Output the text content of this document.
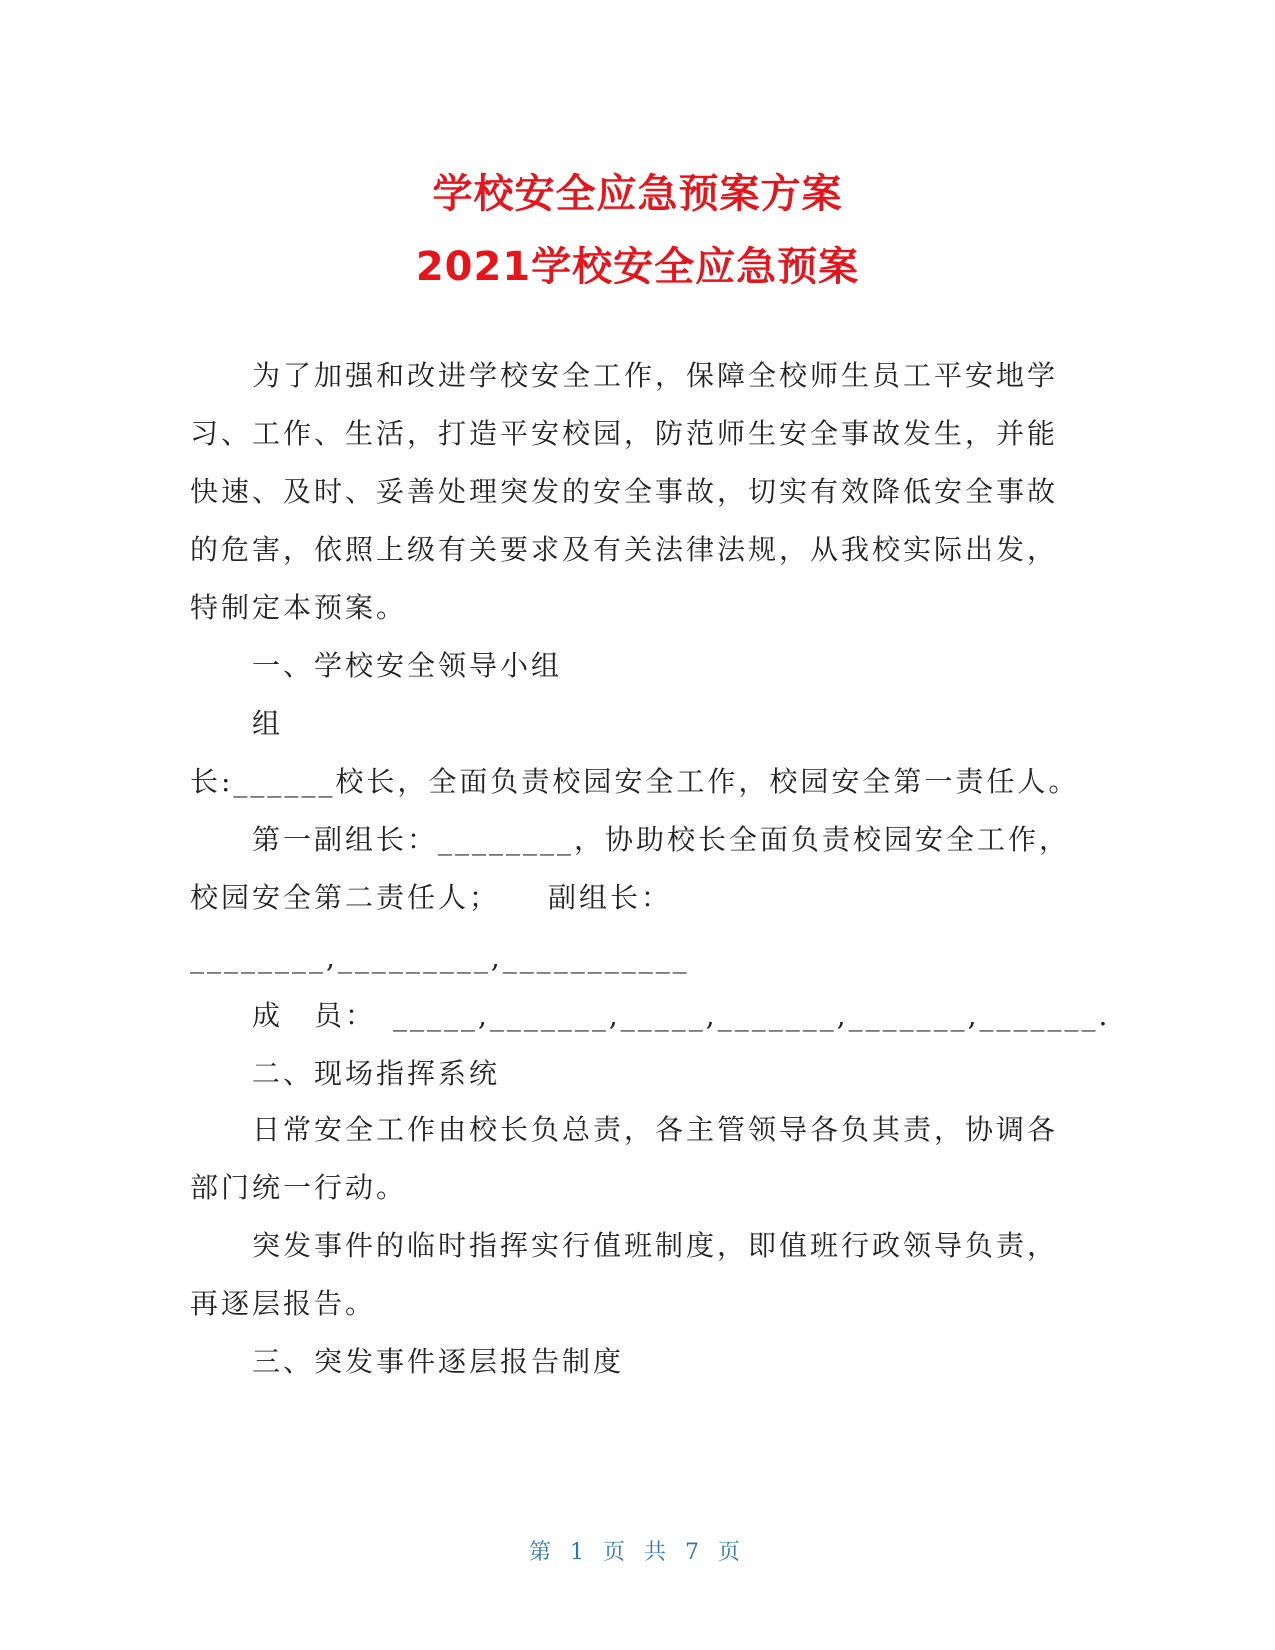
学校安全应急预案方案
2021学校安全应急预案
为了加强和改进学校安全工作，保障全校师生员工平安地学
习、工作、生活，打造平安校园，防范师生安全事故发生，并能
快速、及时、妥善处理突发的安全事故，切实有效降低安全事故
的危害，依照上级有关要求及有关法律法规，从我校实际出发，
特制定本预案。
一、学校安全领导小组
组
长:______校长，全面负责校园安全工作，校园安全第一责任人。
第一副组长：________，协助校长全面负责校园安全工作，
校园安全第二责任人；　　副组长：
________,_________,___________
成　员：　_____,_______,_____,_______,_______,_______.
二、现场指挥系统
日常安全工作由校长负总责，各主管领导各负其责，协调各
部门统一行动。
突发事件的临时指挥实行值班制度，即值班行政领导负责，
再逐层报告。
三、突发事件逐层报告制度
第 1 页 共 7 页
